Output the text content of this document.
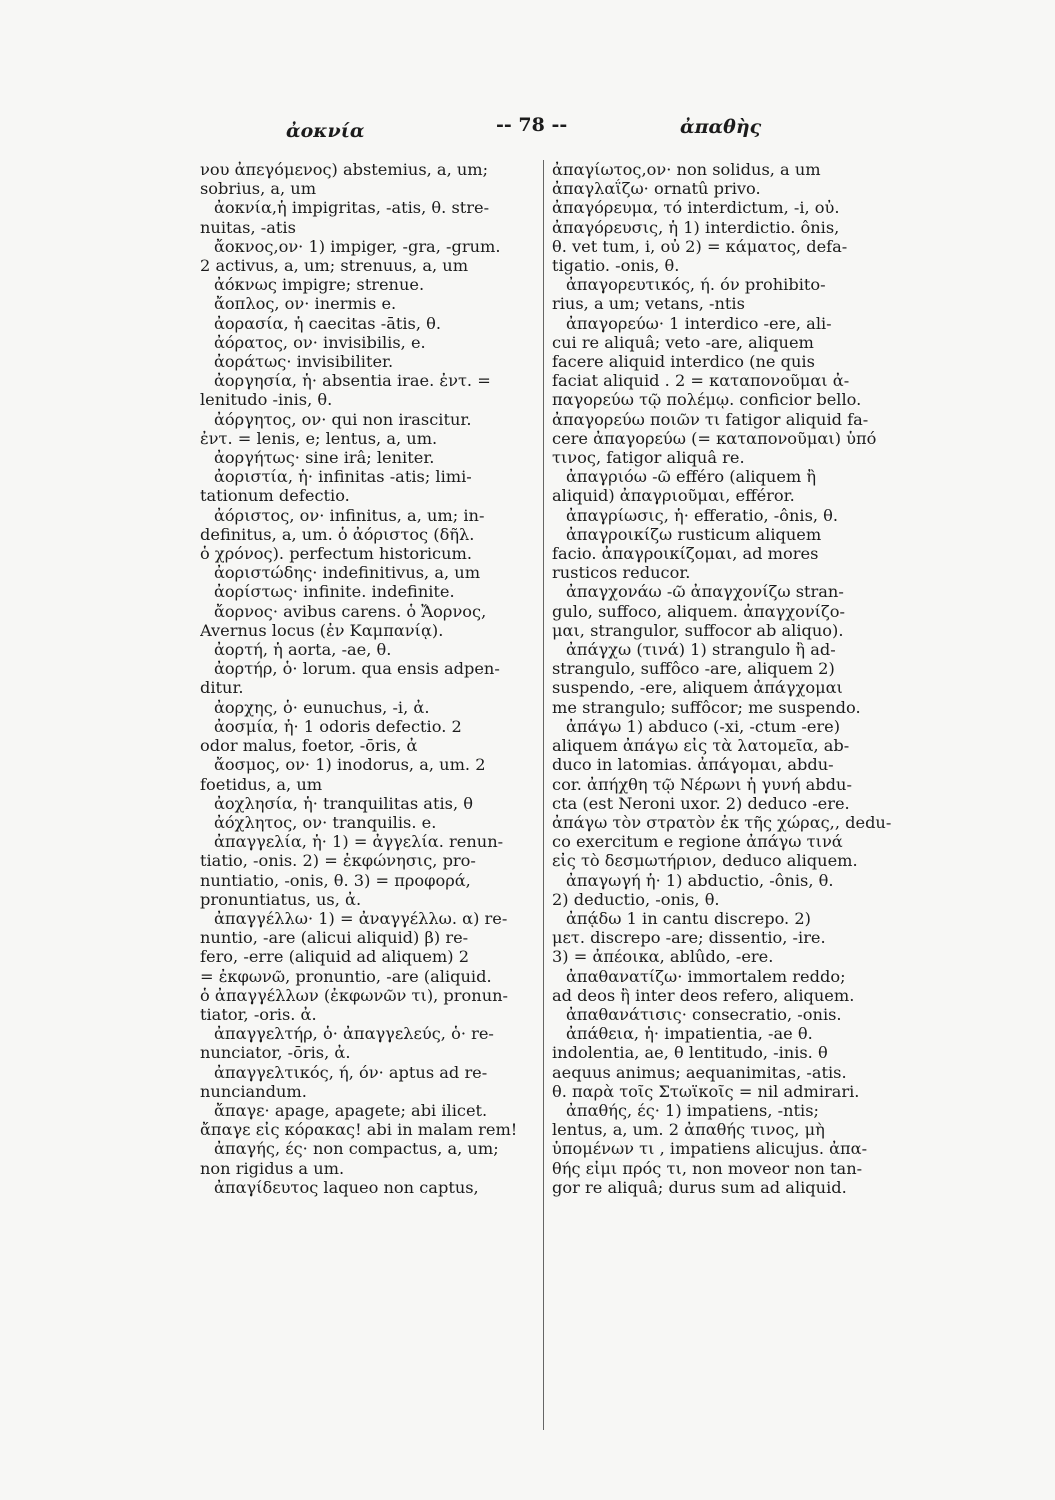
ἀοκνία	-- 78 --	ἀπαθὴς
νου ἀπεγόμενος) abstemius, a, um;
sobrius, a, um
ἀοκνία,ἡ impigritas, -atis, θ. stre-
nuitas, -atis
ἄοκνος,ον· 1) impiger, -gra, -grum.
2 activus, a, um; strenuus, a, um
ἀόκνως impigre; strenue.
ἄοπλος, ον· inermis e.
ἀορασία, ἡ caecitas -ātis, θ.
ἀόρατος, ον· invisibilis, e.
ἀοράτως· invisibiliter.
ἀοργησία, ἡ· absentia irae. ἐντ. =
lenitudo -inis, θ.
ἀόργητος, ον· qui non irascitur.
ἐντ. = lenis, e; lentus, a, um.
ἀοργήτως· sine irâ; leniter.
ἀοριστία, ἡ· infinitas -atis; limi-
tationum defectio.
ἀόριστος, ον· infinitus, a, um; in-
definitus, a, um. ὁ ἀόριστος (δῆλ.
ὁ χρόνος). perfectum historicum.
ἀοριστώδης· indefinitivus, a, um
ἀορίστως· infinite. indefinite.
ἄορνος· avibus carens. ὁ Ἄορνος,
Avernus locus (ἐν Καμπανίᾳ).
ἀορτή, ἡ aorta, -ae, θ.
ἀορτήρ, ὁ· lorum. qua ensis adpen-
ditur.
ἀορχης, ὁ· eunuchus, -i, ἀ.
ἀοσμία, ἡ· 1 odoris defectio. 2
odor malus, foetor, -ōris, ἀ
ἄοσμος, ον· 1) inodorus, a, um. 2
foetidus, a, um
ἀοχλησία, ἡ· tranquilitas atis, θ
ἀόχλητος, ον· tranquilis. e.
ἀπαγγελία, ἡ· 1) = ἀγγελία. renun-
tiatio, -onis. 2) = ἐκφώνησις, pro-
nuntiatio, -onis, θ. 3) = προφορά,
pronuntiatus, us, ἀ.
ἀπαγγέλλω· 1) = ἀναγγέλλω. α) re-
nuntio, -are (alicui aliquid) β) re-
fero, -erre (aliquid ad aliquem) 2
= ἐκφωνῶ, pronuntio, -are (aliquid.
ὁ ἀπαγγέλλων (ἐκφωνῶν τι), pronun-
tiator, -oris. ἀ.
ἀπαγγελτήρ, ὁ· ἀπαγγελεύς, ὁ· re-
nunciator, -ōris, ἀ.
ἀπαγγελτικός, ή, όν· aptus ad re-
nunciandum.
ἄπαγε· apage, apagete; abi ilicet.
ἄπαγε εἰς κόρακας! abi in malam rem!
ἀπαγής, ές· non compactus, a, um;
non rigidus a um.
ἀπαγίδευτος laqueo non captus,
ἀπαγίωτος,ον· non solidus, a um
ἀπαγλαΐζω· ornatû privo.
ἀπαγόρευμα, τό interdictum, -i, οὐ.
ἀπαγόρευσις, ἡ 1) interdictio. ônis,
θ. vet tum, i, οὐ 2) = κάματος, defa-
tigatio. -onis, θ.
ἀπαγορευτικός, ή. όν prohibito-
rius, a um; vetans, -ntis
ἀπαγορεύω· 1 interdico -ere, ali-
cui re aliquâ; veto -are, aliquem
facere aliquid interdico (ne quis
faciat aliquid . 2 = καταπονοῦμαι ἀ-
παγορεύω τῷ πολέμῳ. conficior bello.
ἀπαγορεύω ποιῶν τι fatigor aliquid fa-
cere ἀπαγορεύω (= καταπονοῦμαι) ὑπό
τινος, fatigor aliquâ re.
ἀπαγριόω -ῶ efféro (aliquem ἢ
aliquid) ἀπαγριοῦμαι, efféror.
ἀπαγρίωσις, ἡ· efferatio, -ônis, θ.
ἀπαγροικίζω rusticum aliquem
facio. ἀπαγροικίζομαι, ad mores
rusticos reducor.
ἀπαγχονάω -ῶ ἀπαγχονίζω stran-
gulo, suffoco, aliquem. ἀπαγχονίζο-
μαι, strangulor, suffocor ab aliquo).
ἀπάγχω (τινά) 1) strangulo ἢ ad-
strangulo, suffôco -are, aliquem 2)
suspendo, -ere, aliquem ἀπάγχομαι
me strangulo; suffôcor; me suspendo.
ἀπάγω 1) abduco (-xi, -ctum -ere)
aliquem ἀπάγω εἰς τὰ λατομεῖα, ab-
duco in latomias. ἀπάγομαι, abdu-
cor. ἀπήχθη τῷ Νέρωνι ἡ γυνή abdu-
cta (est Neroni uxor. 2) deduco -ere.
ἀπάγω τὸν στρατὸν ἐκ τῆς χώρας,, dedu-
co exercitum e regione ἀπάγω τινά
εἰς τὸ δεσμωτήριον, deduco aliquem.
ἀπαγωγή ἡ· 1) abductio, -ônis, θ.
2) deductio, -onis, θ.
ἀπᾴδω 1 in cantu discrepo. 2)
μετ. discrepo -are; dissentio, -ire.
3) = ἀπέοικα, ablûdo, -ere.
ἀπαθανατίζω· immortalem reddo;
ad deos ἢ inter deos refero, aliquem.
ἀπαθανάτισις· consecratio, -onis.
ἀπάθεια, ἡ· impatientia, -ae θ.
indolentia, ae, θ lentitudo, -inis. θ
aequus animus; aequanimitas, -atis.
θ. παρὰ τοῖς Στωϊκοῖς = nil admirari.
ἀπαθής, ές· 1) impatiens, -ntis;
lentus, a, um. 2 ἀπαθής τινος, μὴ
ὑπομένων τι , impatiens alicujus. ἀπα-
θής εἰμι πρός τι, non moveor non tan-
gor re aliquâ; durus sum ad aliquid.
